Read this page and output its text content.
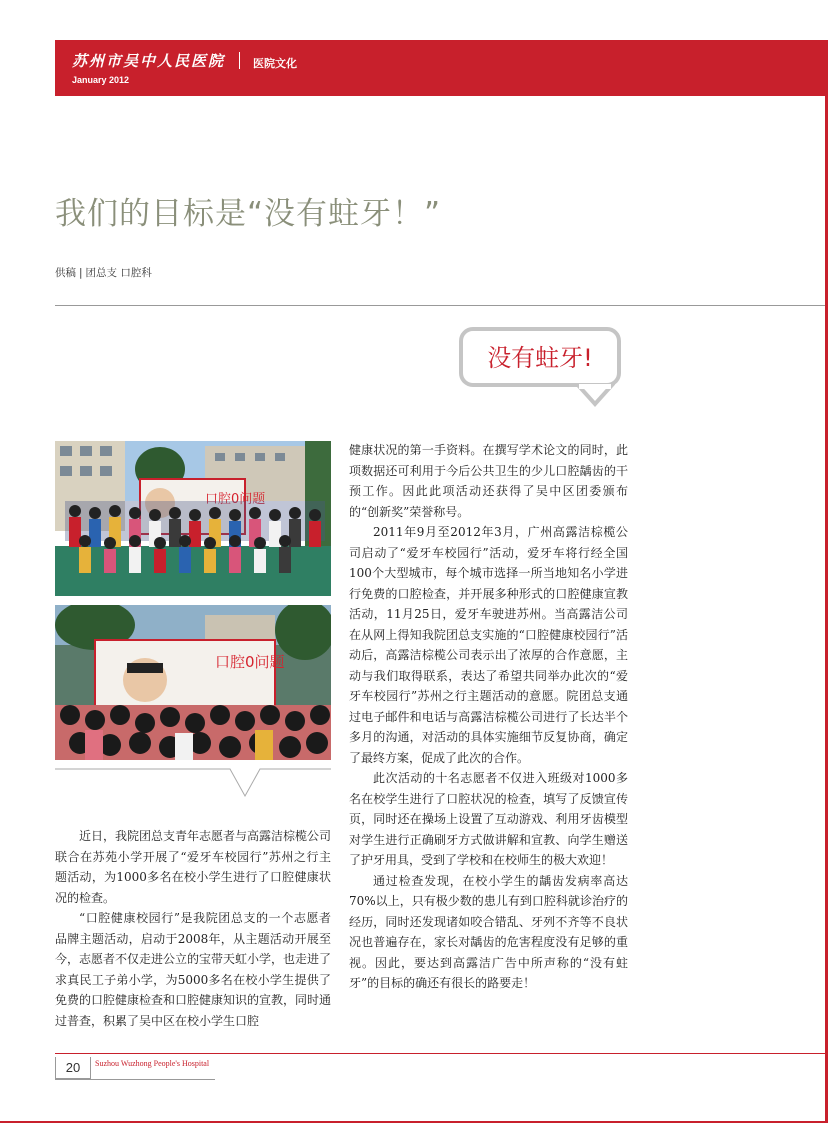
苏州市吴中人民医院	医院文化
January 2012
我们的目标是“没有蛀牙！”
供稿 | 团总支 口腔科
没有蛀牙!
口腔0问题
口腔0问题

近日，我院团总支青年志愿者与高露洁棕榄公司联合在苏苑小学开展了“爱牙车校园行”苏州之行主题活动，为1000多名在校小学生进行了口腔健康状况的检查。

“口腔健康校园行”是我院团总支的一个志愿者品牌主题活动，启动于2008年，从主题活动开展至今，志愿者不仅走进公立的宝带天虹小学，也走进了求真民工子弟小学，为5000多名在校小学生提供了免费的口腔健康检查和口腔健康知识的宣教，同时通过普查，积累了吴中区在校小学生口腔

健康状况的第一手资料。在撰写学术论文的同时，此项数据还可利用于今后公共卫生的少儿口腔龋齿的干预工作。因此此项活动还获得了吴中区团委颁布的“创新奖”荣誉称号。

2011年9月至2012年3月，广州高露洁棕榄公司启动了“爱牙车校园行”活动，爱牙车将行经全国100个大型城市，每个城市选择一所当地知名小学进行免费的口腔检查，并开展多种形式的口腔健康宣教活动，11月25日，爱牙车驶进苏州。当高露洁公司在从网上得知我院团总支实施的“口腔健康校园行”活动后，高露洁棕榄公司表示出了浓厚的合作意愿，主动与我们取得联系，表达了希望共同举办此次的“爱牙车校园行”苏州之行主题活动的意愿。院团总支通过电子邮件和电话与高露洁棕榄公司进行了长达半个多月的沟通，对活动的具体实施细节反复协商，确定了最终方案，促成了此次的合作。

此次活动的十名志愿者不仅进入班级对1000多名在校学生进行了口腔状况的检查，填写了反馈宣传页，同时还在操场上设置了互动游戏、利用牙齿模型对学生进行正确刷牙方式做讲解和宣教、向学生赠送了护牙用具，受到了学校和在校师生的极大欢迎！

通过检查发现，在校小学生的龋齿发病率高达70%以上，只有极少数的患儿有到口腔科就诊治疗的经历，同时还发现诸如咬合错乱、牙列不齐等不良状况也普遍存在，家长对龋齿的危害程度没有足够的重视。因此，要达到高露洁广告中所声称的“没有蛀牙”的目标的确还有很长的路要走！

20	Suzhou Wuzhong People's Hospital
